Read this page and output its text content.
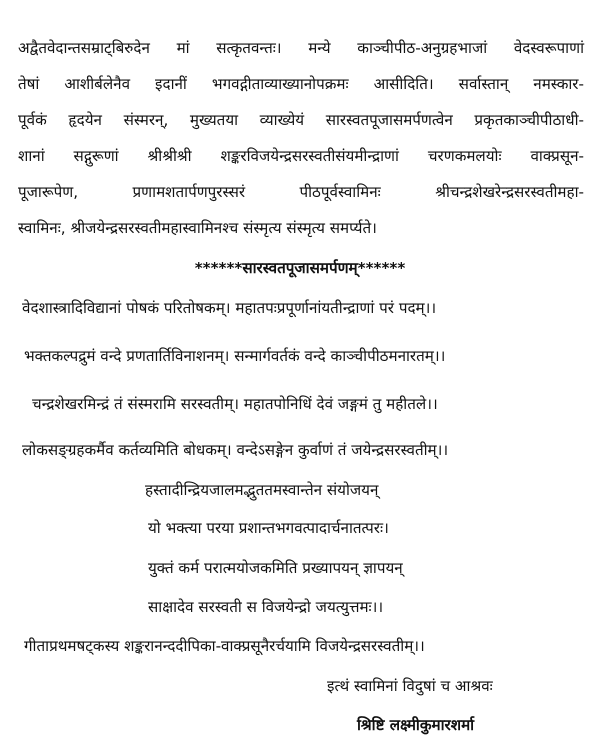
अद्वैतवेदान्तसम्राट्बिरुदेन मां सत्कृतवन्तः। मन्ये काञ्चीपीठ-अनुग्रहभाजां वेदस्वरूपाणां
तेषां आशीर्बलेनैव इदानीं भगवद्गीताव्याख्यानोपक्रमः आसीदिति। सर्वास्तान् नमस्कार-
पूर्वकं हृदयेन संस्मरन्, मुख्यतया व्याख्येयं सारस्वतपूजासमर्पणत्वेन प्रकृतकाञ्चीपीठाधी-
शानां सद्गुरूणां श्रीश्रीश्री शङ्करविजयेन्द्रसरस्वतीसंयमीन्द्राणां चरणकमलयोः वाक्प्रसून-
पूजारूपेण, प्रणामशतार्पणपुरस्सरं पीठपूर्वस्वामिनः श्रीचन्द्रशेखरेन्द्रसरस्वतीमहा-
स्वामिनः, श्रीजयेन्द्रसरस्वतीमहास्वामिनश्च संस्मृत्य संस्मृत्य समर्प्यते।
******सारस्वतपूजासमर्पणम्******
वेदशास्त्रादिविद्यानां पोषकं परितोषकम्। महातपःप्रपूर्णानांयतीन्द्राणां परं पदम्।।
भक्तकल्पद्रुमं वन्दे प्रणतार्तिविनाशनम्। सन्मार्गवर्तकं वन्दे काञ्चीपीठमनारतम्।।
चन्द्रशेखरमिन्द्रं तं संस्मरामि सरस्वतीम्। महातपोनिधिं देवं जङ्गमं तु महीतले।।
लोकसङ्ग्रहकर्मैव कर्तव्यमिति बोधकम्। वन्देऽसङ्गेन कुर्वाणं तं जयेन्द्रसरस्वतीम्।।
हस्तादीन्द्रियजालमद्भुततमस्वान्तेन संयोजयन्
यो भक्त्या परया प्रशान्तभगवत्पादार्चनातत्परः।
युक्तं कर्म परात्मयोजकमिति प्रख्यापयन् ज्ञापयन्
साक्षादेव सरस्वती स विजयेन्द्रो जयत्युत्तमः।।
गीताप्रथमषट्कस्य शङ्करानन्ददीपिका-वाक्प्रसूनैरर्चयामि विजयेन्द्रसरस्वतीम्।।
इत्थं स्वामिनां विदुषां च आश्रवः
श्रिष्टि लक्ष्मीकुमारशर्मा
